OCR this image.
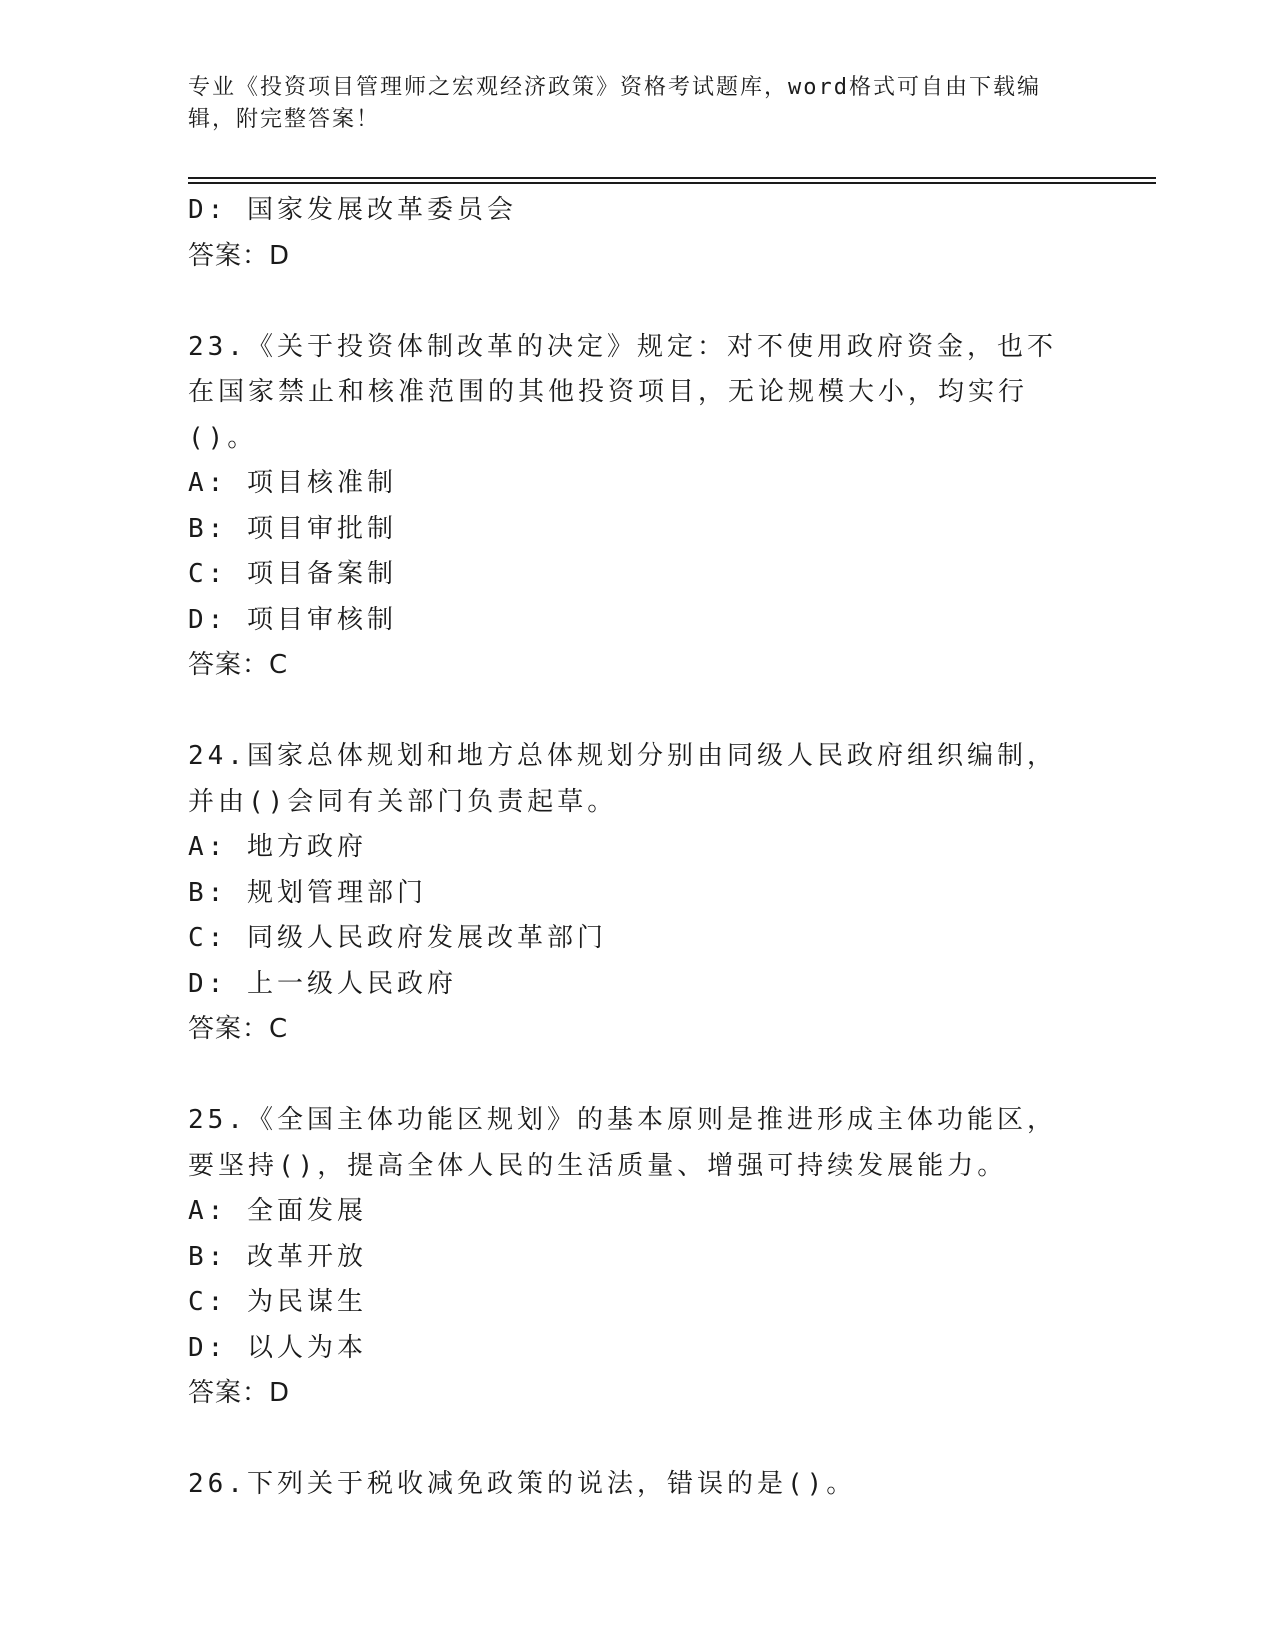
专业《投资项目管理师之宏观经济政策》资格考试题库，word格式可自由下载编辑，附完整答案！
D: 国家发展改革委员会
答案：D
23.《关于投资体制改革的决定》规定：对不使用政府资金，也不在国家禁止和核准范围的其他投资项目，无论规模大小，均实行()。
A: 项目核准制
B: 项目审批制
C: 项目备案制
D: 项目审核制
答案：C
24.国家总体规划和地方总体规划分别由同级人民政府组织编制，并由()会同有关部门负责起草。
A: 地方政府
B: 规划管理部门
C: 同级人民政府发展改革部门
D: 上一级人民政府
答案：C
25.《全国主体功能区规划》的基本原则是推进形成主体功能区，要坚持()，提高全体人民的生活质量、增强可持续发展能力。
A: 全面发展
B: 改革开放
C: 为民谋生
D: 以人为本
答案：D
26.下列关于税收减免政策的说法，错误的是()。
